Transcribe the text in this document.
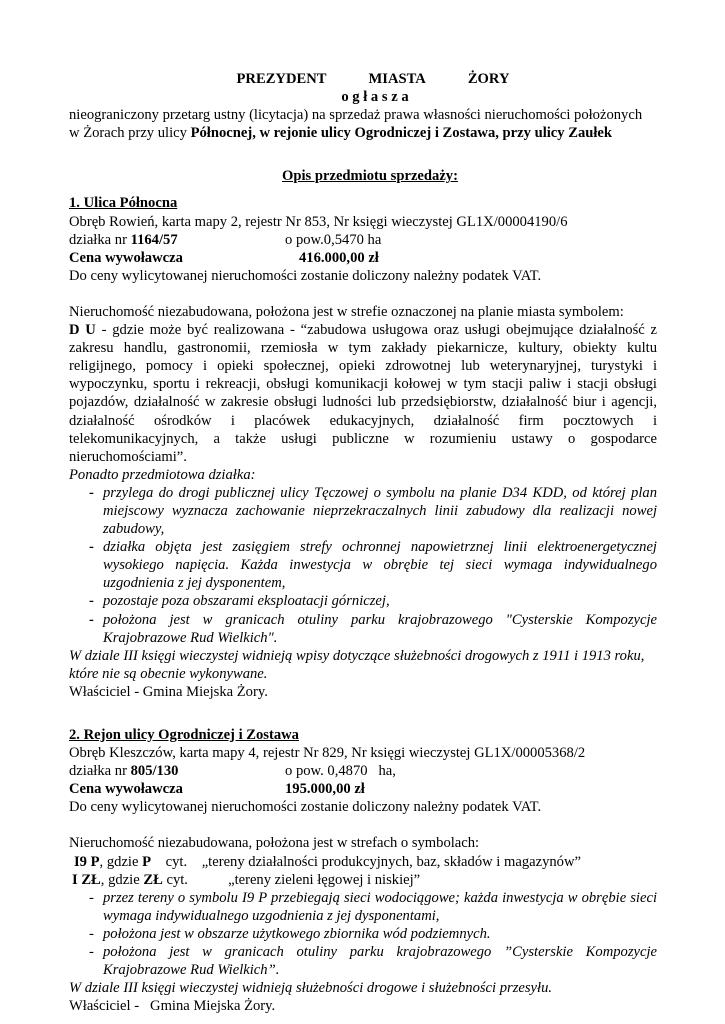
PREZYDENT	MIASTA	ŻORY
o g ł a s z a
nieograniczony przetarg ustny (licytacja) na sprzedaż prawa własności nieruchomości położonych
w Żorach przy ulicy Północnej, w rejonie ulicy Ogrodniczej i Zostawa, przy ulicy Zaułek
Opis przedmiotu sprzedaży:
1. Ulica Północna
Obręb Rowień, karta mapy 2, rejestr Nr 853, Nr księgi wieczystej GL1X/00004190/6
działka nr 1164/57	o pow.0,5470 ha
Cena wywoławcza	416.000,00 zł
Do ceny wylicytowanej nieruchomości zostanie doliczony należny podatek VAT.
Nieruchomość niezabudowana, położona jest w strefie oznaczonej na planie miasta symbolem:
D U - gdzie może być realizowana - “zabudowa usługowa oraz usługi obejmujące działalność z zakresu handlu, gastronomii, rzemiosła w tym zakłady piekarnicze, kultury, obiekty kultu religijnego, pomocy i opieki społecznej, opieki zdrowotnej lub weterynaryjnej, turystyki i wypoczynku, sportu i rekreacji, obsługi komunikacji kołowej w tym stacji paliw i stacji obsługi pojazdów, działalność w zakresie obsługi ludności lub przedsiębiorstw, działalność biur i agencji, działalność ośrodków i placówek edukacyjnych, działalność firm pocztowych i telekomunikacyjnych, a także usługi publiczne w rozumieniu ustawy o gospodarce nieruchomościami”.
Ponadto przedmiotowa działka:
- przylega do drogi publicznej ulicy Tęczowej o symbolu na planie D34 KDD, od której plan miejscowy wyznacza zachowanie nieprzekraczalnych linii zabudowy dla realizacji nowej zabudowy,
- działka objęta jest zasięgiem strefy ochronnej napowietrznej linii elektroenergetycznej wysokiego napięcia. Każda inwestycja w obrębie tej sieci wymaga indywidualnego uzgodnienia z jej dysponentem,
- pozostaje poza obszarami eksploatacji górniczej,
- położona jest w granicach otuliny parku krajobrazowego "Cysterskie Kompozycje Krajobrazowe Rud Wielkich".
W dziale III księgi wieczystej widnieją wpisy dotyczące służebności drogowych z 1911 i 1913 roku, które nie są obecnie wykonywane.
Właściciel - Gmina Miejska Żory.
2. Rejon ulicy Ogrodniczej i Zostawa
Obręb Kleszczów, karta mapy 4, rejestr Nr 829, Nr księgi wieczystej GL1X/00005368/2
działka nr 805/130	o pow. 0,4870   ha,
Cena wywoławcza	195.000,00 zł
Do ceny wylicytowanej nieruchomości zostanie doliczony należny podatek VAT.
Nieruchomość niezabudowana, położona jest w strefach o symbolach:
I9 P, gdzie P    cyt.    „tereny działalności produkcyjnych, baz, składów i magazynów”
I ZŁ, gdzie ZŁ cyt.           „tereny zieleni łęgowej i niskiej”
- przez tereny o symbolu I9 P przebiegają sieci wodociągowe; każda inwestycja w obrębie sieci wymaga indywidualnego uzgodnienia z jej dysponentami,
- położona jest w obszarze użytkowego zbiornika wód podziemnych.
- położona jest w granicach otuliny parku krajobrazowego ”Cysterskie Kompozycje Krajobrazowe Rud Wielkich”.
W dziale III księgi wieczystej widnieją służebności drogowe i służebności przesyłu.
Właściciel -   Gmina Miejska Żory.
